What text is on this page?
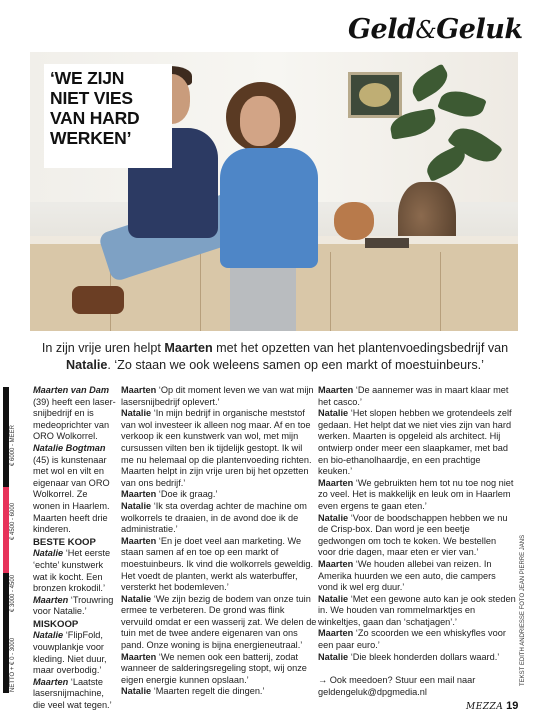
Geld&Geluk
‘WE ZIJN NIET VIES VAN HARD WERKEN’
In zijn vrije uren helpt Maarten met het opzetten van het plantenvoedingsbedrijf van Natalie. ‘Zo staan we ook weleens samen op een markt of moestuinbeurs.’
NETTO + € 0 - 3000
€ 3000 - 4500
€ 4500 - 6000
€ 6000 - MEER

Maarten van Dam (39) heeft een laser-snijbedrijf en is medeoprichter van ORO Wolkorrel.

Natalie Bogtman (45) is kunstenaar met wol en vilt en eigenaar van ORO Wolkorrel. Ze wonen in Haarlem. Maarten heeft drie kinderen.

BESTE KOOP

Natalie ‘Het eerste ‘echte’ kunstwerk wat ik kocht. Een bronzen krokodil.’

Maarten ‘Trouwring voor Natalie.’

MISKOOP

Natalie ‘FlipFold, vouwplankje voor kleding. Niet duur, maar overbodig.’

Maarten ‘Laatste lasersnijmachine, die veel wat tegen.’

Maarten ‘Op dit moment leven we van wat mijn lasersnijbedrijf oplevert.’

Natalie ‘In mijn bedrijf in organische meststof van wol investeer ik alleen nog maar. Af en toe verkoop ik een kunstwerk van wol, met mijn cursussen vilten ben ik tijdelijk gestopt. Ik wil me nu helemaal op die plantenvoeding richten. Maarten helpt in zijn vrije uren bij het opzetten van ons bedrijf.’

Maarten ‘Doe ik graag.’

Natalie ‘Ik sta overdag achter de machine om wolkorrels te draaien, in de avond doe ik de administratie.’

Maarten ‘En je doet veel aan marketing. We staan samen af en toe op een markt of moestuinbeurs. Ik vind die wolkorrels geweldig. Het voedt de planten, werkt als waterbuffer, versterkt het bodemleven.’

Natalie ‘We zijn bezig de bodem van onze tuin ermee te verbeteren. De grond was flink vervuild omdat er een wasserij zat. We delen de tuin met de twee andere eigenaren van ons pand. Onze woning is bijna energieneutraal.’

Maarten ‘We nemen ook een batterij, zodat wanneer de salderingsregeling stopt, wij onze eigen energie kunnen opslaan.’

Natalie ‘Maarten regelt die dingen.’

Maarten ‘De aannemer was in maart klaar met het casco.’

Natalie ‘Het slopen hebben we grotendeels zelf gedaan. Het helpt dat we niet vies zijn van hard werken. Maarten is opgeleid als architect. Hij ontwierp onder meer een slaapkamer, met bad en bio-ethanolhaardje, en een prachtige keuken.’

Maarten ‘We gebruikten hem tot nu toe nog niet zo veel. Het is makkelijk en leuk om in Haarlem even ergens te gaan eten.’

Natalie ‘Voor de boodschappen hebben we nu de Crisp-box. Dan word je een beetje gedwongen om toch te koken. We bestellen voor drie dagen, maar eten er vier van.’

Maarten ‘We houden allebei van reizen. In Amerika huurden we een auto, die campers vond ik wel erg duur.’

Natalie ‘Met een gewone auto kan je ook steden in. We houden van rommelmarktjes en winkeltjes, gaan dan ‘schatjagen’.’

Maarten ‘Zo scoorden we een whiskyfles voor een paar euro.’

Natalie ‘Die bleek honderden dollars waard.’

→ Ook meedoen? Stuur een mail naar geldengeluk@dpgmedia.nl

TEKST EDITH ANDRIESSE FOTO JEAN PIERRE JANS
MEZZA 19
